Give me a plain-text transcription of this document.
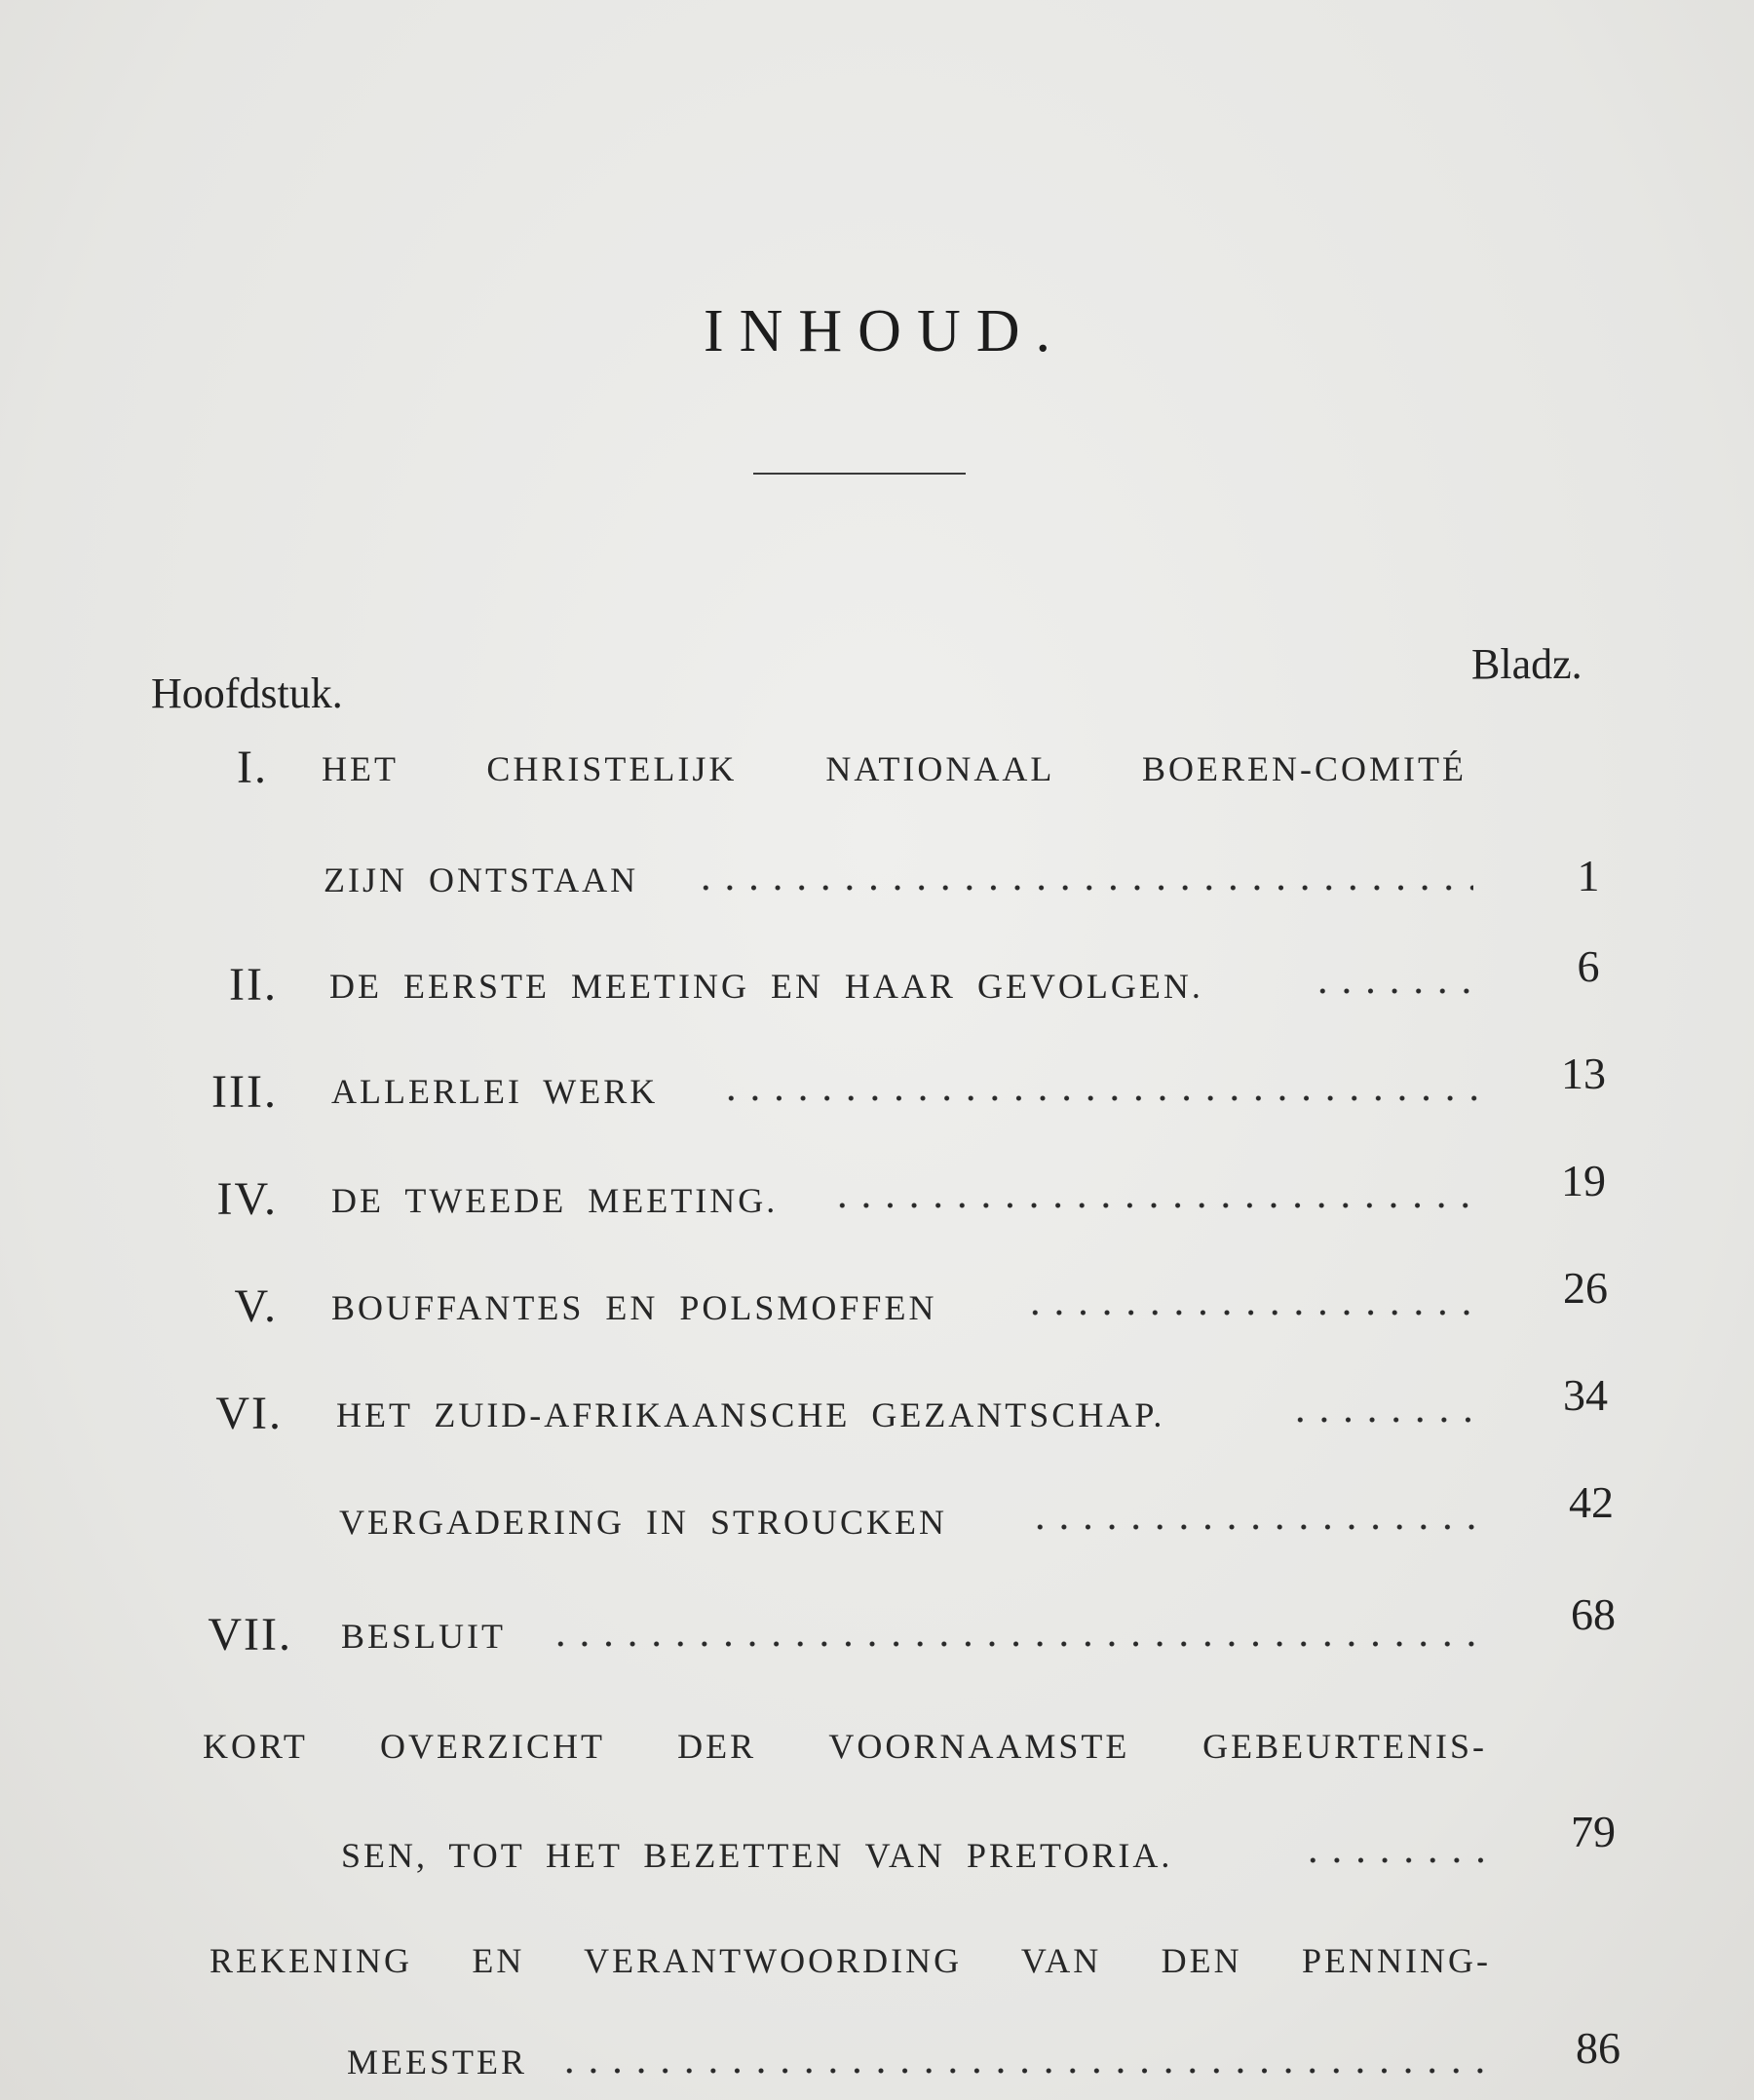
INHOUD.
Hoofdstuk.
Bladz.
I. HET CHRISTELIJK NATIONAAL BOEREN-COMITÉ
ZIJN ONTSTAAN	1
II. DE EERSTE MEETING EN HAAR GEVOLGEN.	6
III. ALLERLEI WERK	13
IV. DE TWEEDE MEETING.	19
V. BOUFFANTES EN POLSMOFFEN	26
VI. HET ZUID-AFRIKAANSCHE GEZANTSCHAP.	34
VERGADERING IN STROUCKEN	42
VII. BESLUIT	68
KORT OVERZICHT DER VOORNAAMSTE GEBEURTENIS-
SEN, TOT HET BEZETTEN VAN PRETORIA.	79
REKENING EN VERANTWOORDING VAN DEN PENNING-
MEESTER	86
